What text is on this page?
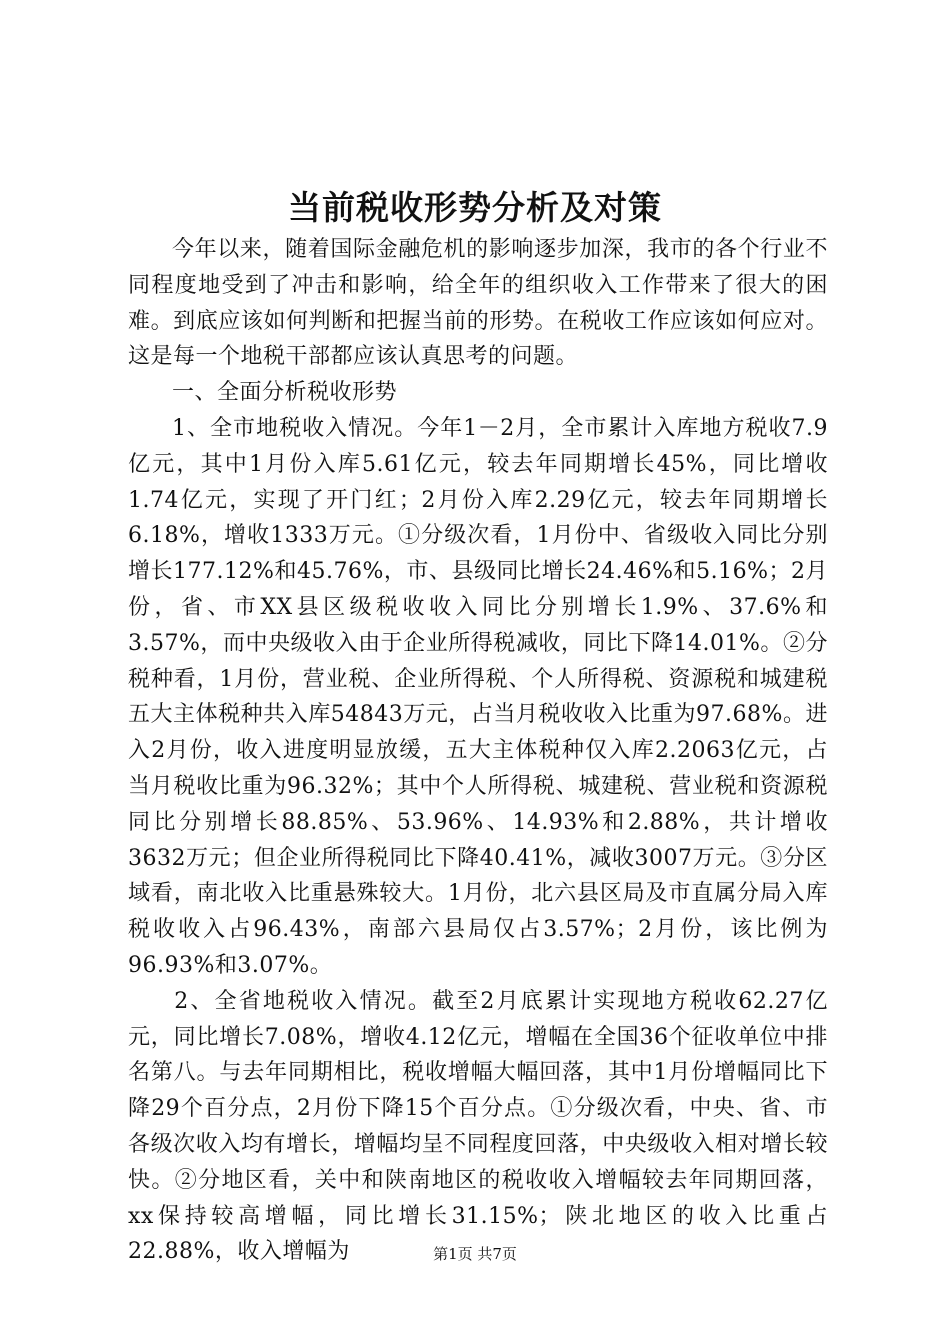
当前税收形势分析及对策

今年以来，随着国际金融危机的影响逐步加深，我市的各个行业不同程度地受到了冲击和影响，给全年的组织收入工作带来了很大的困难。到底应该如何判断和把握当前的形势。在税收工作应该如何应对。这是每一个地税干部都应该认真思考的问题。

一、全面分析税收形势

1、全市地税收入情况。今年1－2月，全市累计入库地方税收7.9亿元，其中1月份入库5.61亿元，较去年同期增长45%，同比增收1.74亿元，实现了开门红；2月份入库2.29亿元，较去年同期增长6.18%，增收1333万元。①分级次看，1月份中、省级收入同比分别增长177.12%和45.76%，市、县级同比增长24.46%和5.16%；2月份，省、市XX县区级税收收入同比分别增长1.9%、37.6%和3.57%，而中央级收入由于企业所得税减收，同比下降14.01%。②分税种看，1月份，营业税、企业所得税、个人所得税、资源税和城建税五大主体税种共入库54843万元，占当月税收收入比重为97.68%。进入2月份，收入进度明显放缓，五大主体税种仅入库2.2063亿元，占当月税收比重为96.32%；其中个人所得税、城建税、营业税和资源税同比分别增长88.85%、53.96%、14.93%和2.88%，共计增收3632万元；但企业所得税同比下降40.41%，减收3007万元。③分区域看，南北收入比重悬殊较大。1月份，北六县区局及市直属分局入库税收收入占96.43%，南部六县局仅占3.57%；2月份，该比例为96.93%和3.07%。

2、全省地税收入情况。截至2月底累计实现地方税收62.27亿元，同比增长7.08%，增收4.12亿元，增幅在全国36个征收单位中排名第八。与去年同期相比，税收增幅大幅回落，其中1月份增幅同比下降29个百分点，2月份下降15个百分点。①分级次看，中央、省、市各级次收入均有增长，增幅均呈不同程度回落，中央级收入相对增长较快。②分地区看，关中和陕南地区的税收收入增幅较去年同期回落，xx保持较高增幅，同比增长31.15%；陕北地区的收入比重占22.88%，收入增幅为	第1页 共7页
